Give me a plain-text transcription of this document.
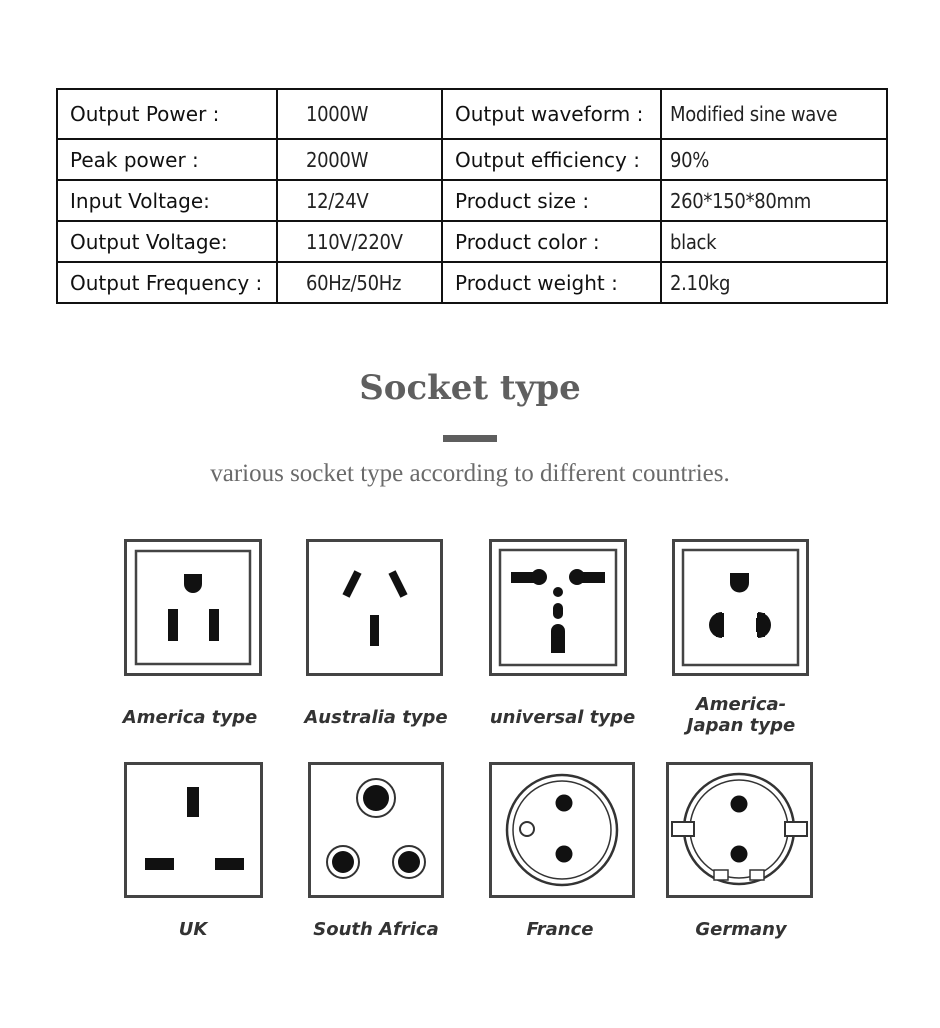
Output Power :	1000W	Output waveform :	Modified sine wave
Peak power :	2000W	Output efficiency :	90%
Input Voltage:	12/24V	Product size :	260*150*80mm
Output Voltage:	110V/220V	Product color :	black
Output Frequency :	60Hz/50Hz	Product weight :	2.10kg
Socket type
various socket type according to different countries.
America type	Australia type	universal type
America-
Japan type
UK	South Africa	France	Germany
